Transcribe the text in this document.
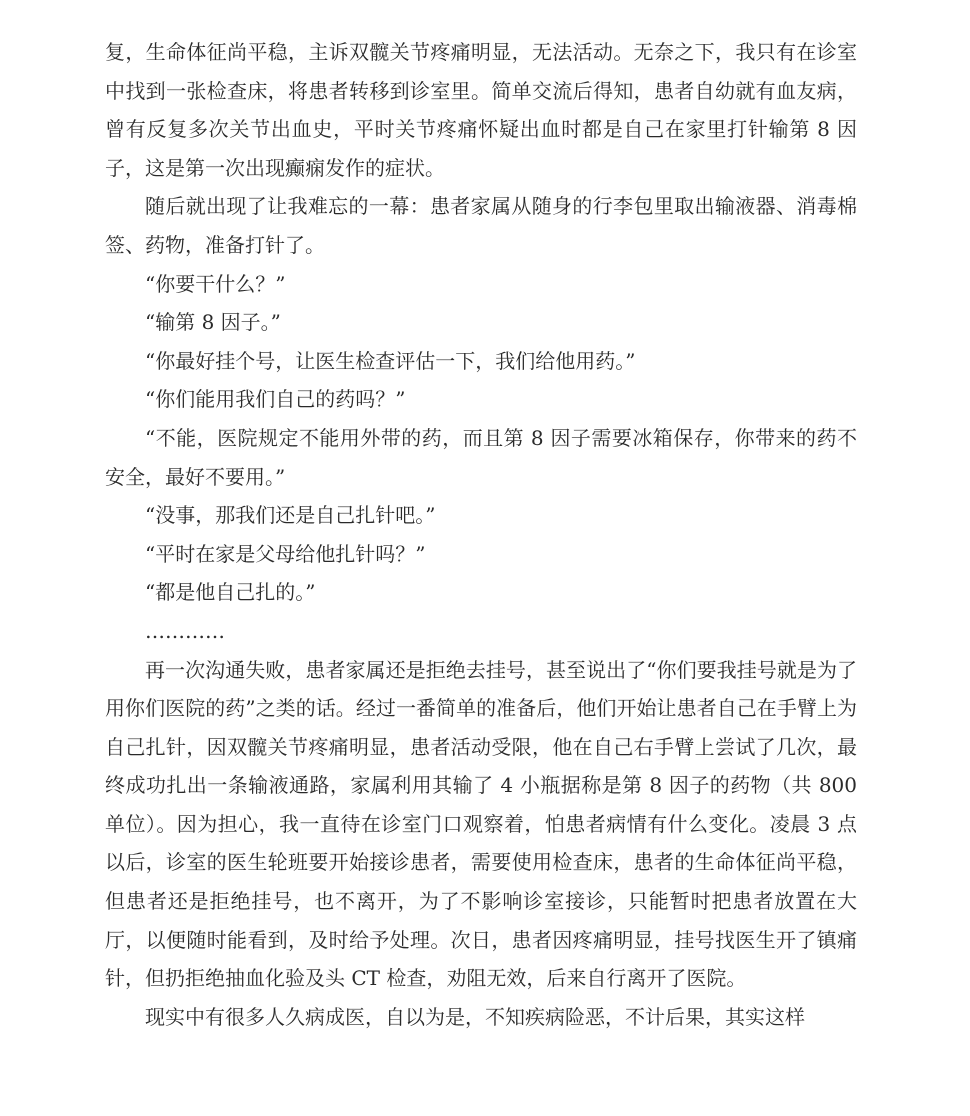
复，生命体征尚平稳，主诉双髋关节疼痛明显，无法活动。无奈之下，我只有在诊室中找到一张检查床，将患者转移到诊室里。简单交流后得知，患者自幼就有血友病，曾有反复多次关节出血史，平时关节疼痛怀疑出血时都是自己在家里打针输第 8 因子，这是第一次出现癫痫发作的症状。

随后就出现了让我难忘的一幕：患者家属从随身的行李包里取出输液器、消毒棉签、药物，准备打针了。

“你要干什么？”

“输第 8 因子。”

“你最好挂个号，让医生检查评估一下，我们给他用药。”

“你们能用我们自己的药吗？”

“不能，医院规定不能用外带的药，而且第 8 因子需要冰箱保存，你带来的药不安全，最好不要用。”

“没事，那我们还是自己扎针吧。”

“平时在家是父母给他扎针吗？”

“都是他自己扎的。”

…………

再一次沟通失败，患者家属还是拒绝去挂号，甚至说出了“你们要我挂号就是为了用你们医院的药”之类的话。经过一番简单的准备后，他们开始让患者自己在手臂上为自己扎针，因双髋关节疼痛明显，患者活动受限，他在自己右手臂上尝试了几次，最终成功扎出一条输液通路，家属利用其输了 4 小瓶据称是第 8 因子的药物（共 800 单位）。因为担心，我一直待在诊室门口观察着，怕患者病情有什么变化。凌晨 3 点以后，诊室的医生轮班要开始接诊患者，需要使用检查床，患者的生命体征尚平稳，但患者还是拒绝挂号，也不离开，为了不影响诊室接诊，只能暂时把患者放置在大厅，以便随时能看到，及时给予处理。次日，患者因疼痛明显，挂号找医生开了镇痛针，但扔拒绝抽血化验及头 CT 检查，劝阻无效，后来自行离开了医院。

现实中有很多人久病成医，自以为是，不知疾病险恶，不计后果，其实这样
